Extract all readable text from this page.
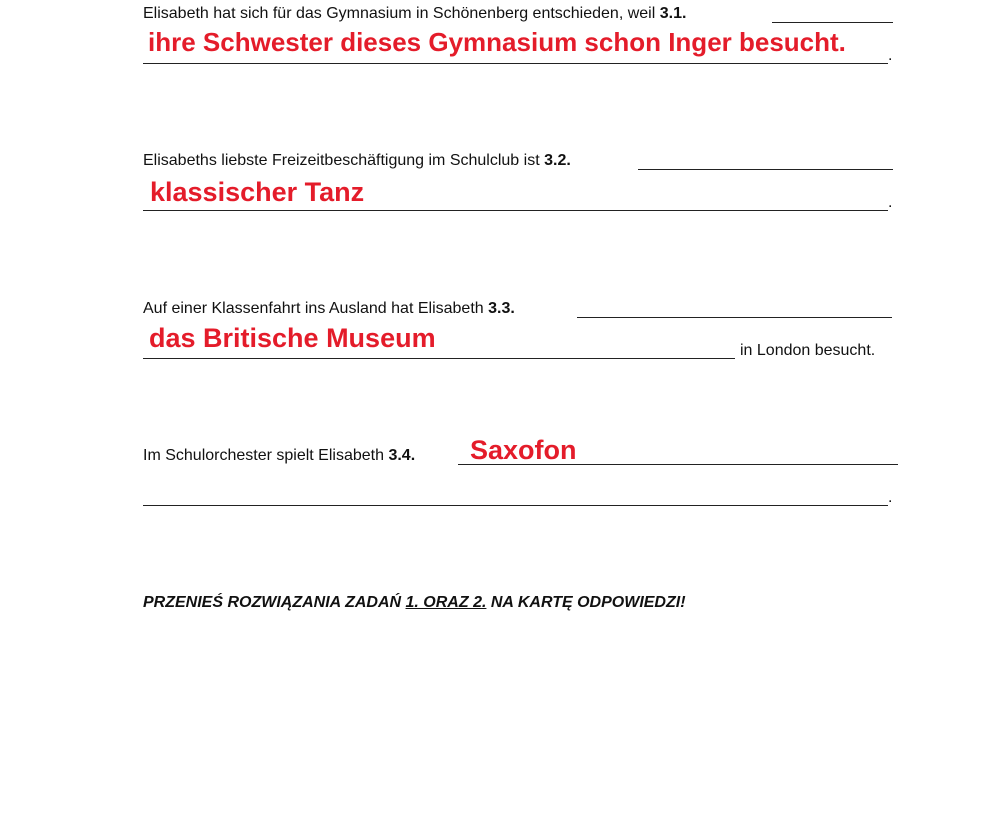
Elisabeth hat sich für das Gymnasium in Schönenberg entschieden, weil 3.1.
.
ihre Schwester dieses Gymnasium schon Inger besucht.
Elisabeths liebste Freizeitbeschäftigung im Schulclub ist 3.2.
.
klassischer Tanz
Auf einer Klassenfahrt ins Ausland hat Elisabeth 3.3.
in London besucht.
das Britische Museum
Im Schulorchester spielt Elisabeth 3.4.
.
Saxofon
PRZENIEŚ ROZWIĄZANIA ZADAŃ 1. ORAZ 2. NA KARTĘ ODPOWIEDZI!
